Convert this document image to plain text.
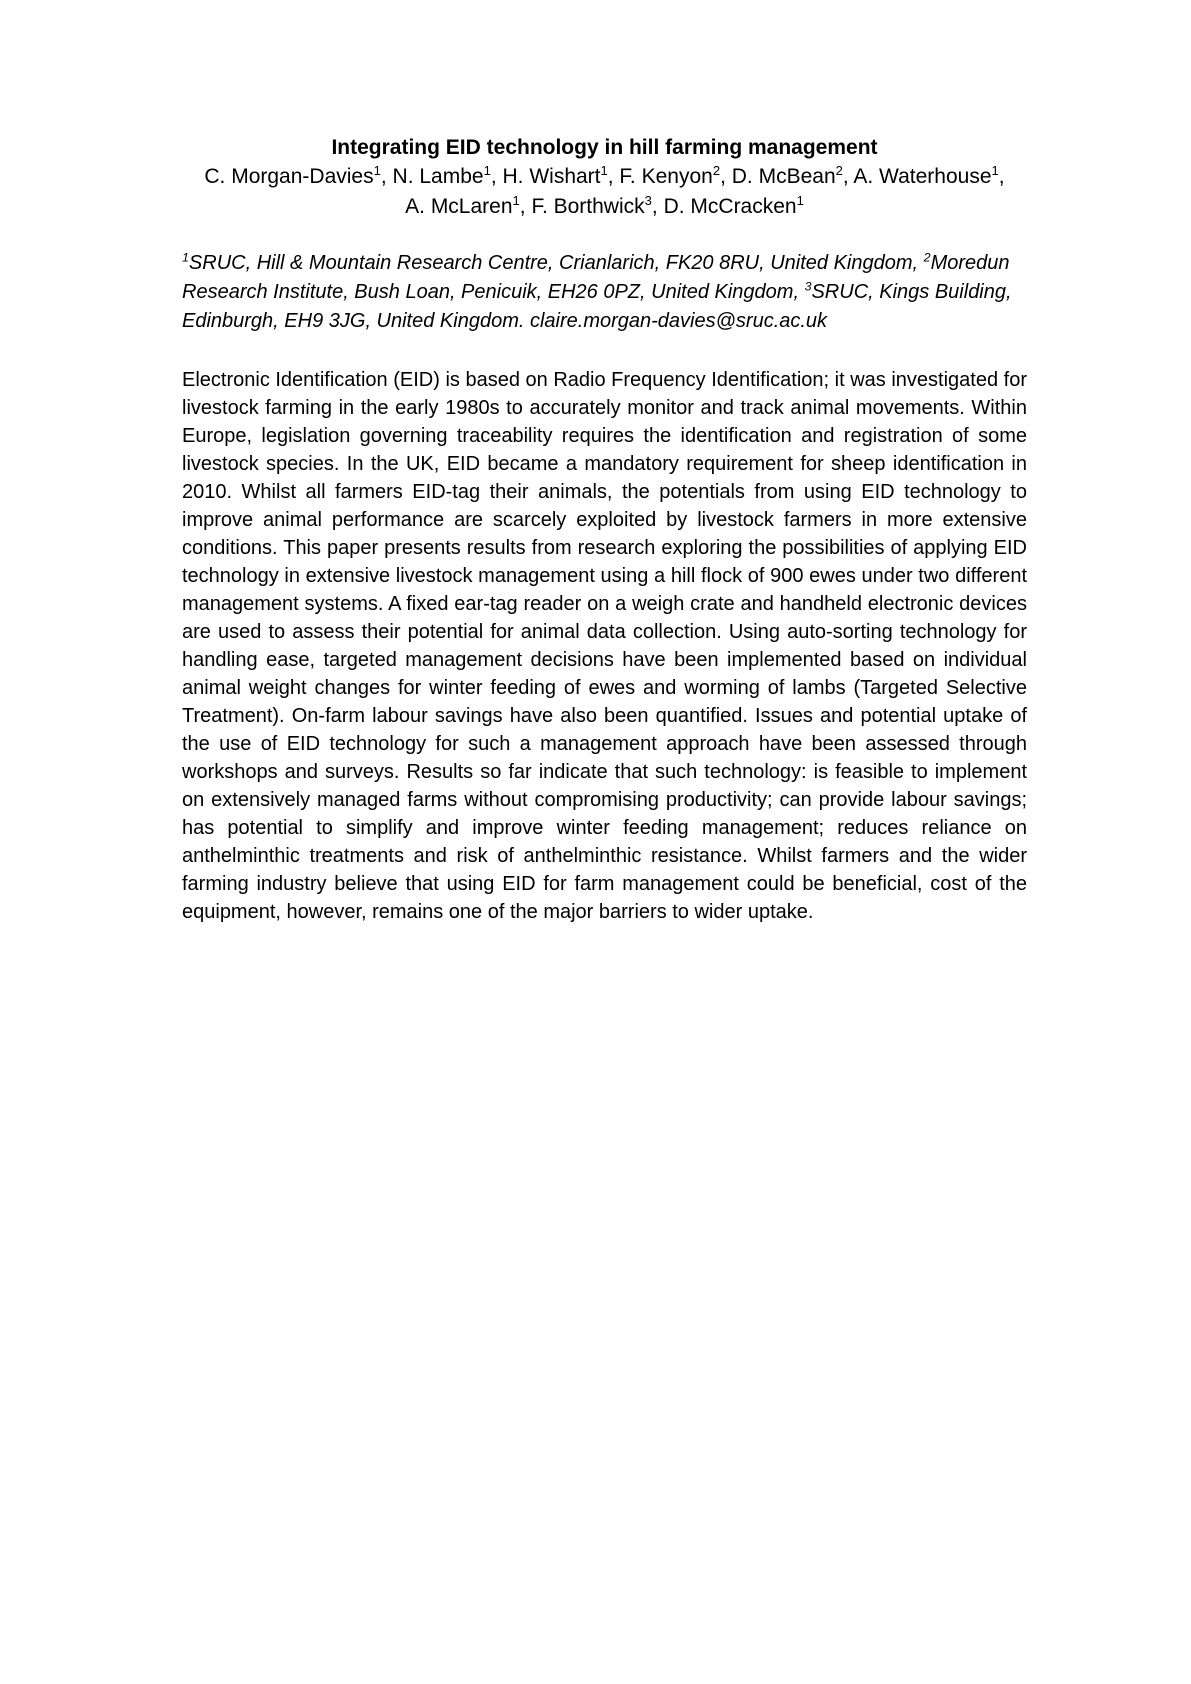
Integrating EID technology in hill farming management
C. Morgan-Davies$^1$, N. Lambe$^1$, H. Wishart$^1$, F. Kenyon$^2$, D. McBean$^2$, A. Waterhouse$^1$,
A. McLaren$^1$, F. Borthwick$^3$, D. McCracken$^1$
$^1$SRUC, Hill & Mountain Research Centre, Crianlarich, FK20 8RU, United Kingdom, $^2$Moredun Research Institute, Bush Loan, Penicuik, EH26 0PZ, United Kingdom, $^3$SRUC, Kings Building, Edinburgh, EH9 3JG, United Kingdom. claire.morgan-davies@sruc.ac.uk

Electronic Identification (EID) is based on Radio Frequency Identification; it was investigated for livestock farming in the early 1980s to accurately monitor and track animal movements. Within Europe, legislation governing traceability requires the identification and registration of some livestock species. In the UK, EID became a mandatory requirement for sheep identification in 2010. Whilst all farmers EID-tag their animals, the potentials from using EID technology to improve animal performance are scarcely exploited by livestock farmers in more extensive conditions. This paper presents results from research exploring the possibilities of applying EID technology in extensive livestock management using a hill flock of 900 ewes under two different management systems. A fixed ear-tag reader on a weigh crate and handheld electronic devices are used to assess their potential for animal data collection. Using auto-sorting technology for handling ease, targeted management decisions have been implemented based on individual animal weight changes for winter feeding of ewes and worming of lambs (Targeted Selective Treatment). On-farm labour savings have also been quantified. Issues and potential uptake of the use of EID technology for such a management approach have been assessed through workshops and surveys. Results so far indicate that such technology: is feasible to implement on extensively managed farms without compromising productivity; can provide labour savings; has potential to simplify and improve winter feeding management; reduces reliance on anthelminthic treatments and risk of anthelminthic resistance. Whilst farmers and the wider farming industry believe that using EID for farm management could be beneficial, cost of the equipment, however, remains one of the major barriers to wider uptake.
